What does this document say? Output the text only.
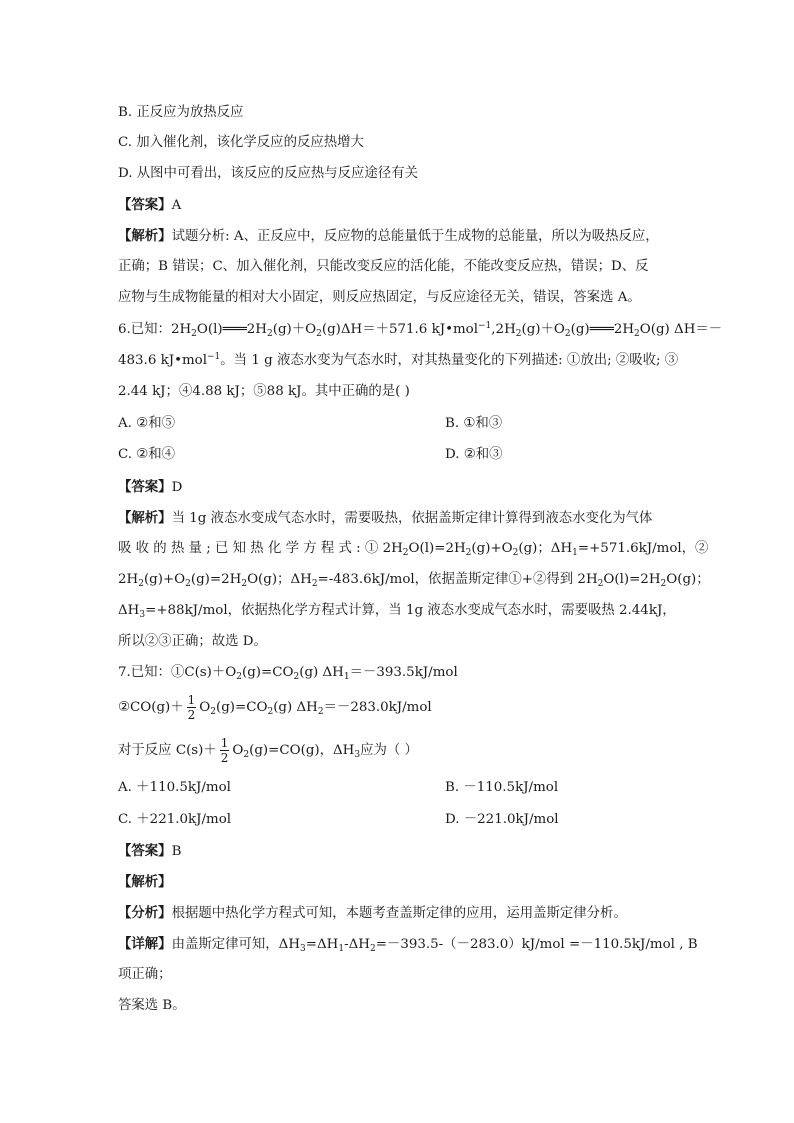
B. 正反应为放热反应
C. 加入催化剂，该化学反应的反应热增大
D. 从图中可看出，该反应的反应热与反应途径有关
【答案】A
【解析】试题分析: A、正反应中，反应物的总能量低于生成物的总能量，所以为吸热反应，
正确；B 错误；C、加入催化剂，只能改变反应的活化能，不能改变反应热，错误；D、反
应物与生成物能量的相对大小固定，则反应热固定，与反应途径无关，错误，答案选 A。
6.已知：$2H_2O(l)═══2H_2(g)+O_2(g)\Delta H=+571.6$ $kJ•mol^{-1},2H_2(g)+O_2(g)═══2H_2O(g)$ ΔH＝－
483.6 kJ•mol$^{-1}$。当 1 g 液态水变为气态水时，对其热量变化的下列描述: ①放出; ②吸收; ③
2.44 kJ；④4.88 kJ；⑤88 kJ。其中正确的是( )
A. ②和⑤	B. ①和③
C. ②和④	D. ②和③
【答案】D
【解析】当 1g 液态水变成气态水时，需要吸热，依据盖斯定律计算得到液态水变化为气体
吸 收 的 热 量 ; 已 知 热 化 学 方 程 式 : ① $2H_2O(l)=2H_2(g)+O_2(g)$；$\Delta H_1=+571.6kJ$/mol，②
$2H_2(g)+O_2(g)=2H_2O(g)$；$\Delta H_2=-483.6kJ$/mol，依据盖斯定律①+②得到 $2H_2O(l)=2H_2O(g)$；
$\Delta H_3=+88kJ$/mol，依据热化学方程式计算，当 1g 液态水变成气态水时，需要吸热 2.44kJ，
所以②③正确；故选 D。
7.已知：$①C(s)+O_2(g)=CO_2(g)$ $\Delta H_1=-393.5kJ$/mol
②CO(g)＋ $\frac{1}{2} O_2(g)=CO_2(g)$ $\Delta H_2=-283.0kJ$/mol
对于反应 $C(s)+ \frac{1}{2} O_2(g)=CO(g)$，$\Delta H_3$应为（ ）
A. ＋110.5kJ/mol	B. －110.5kJ/mol
C. ＋221.0kJ/mol	D. －221.0kJ/mol
【答案】B
【解析】
【分析】根据题中热化学方程式可知，本题考查盖斯定律的应用，运用盖斯定律分析。
【详解】由盖斯定律可知，$\Delta H_3=\Delta H_1-\Delta H_2=-393.5-(-283.0)kJ$/mol =－110.5kJ/mol , B
项正确；
答案选 B。
